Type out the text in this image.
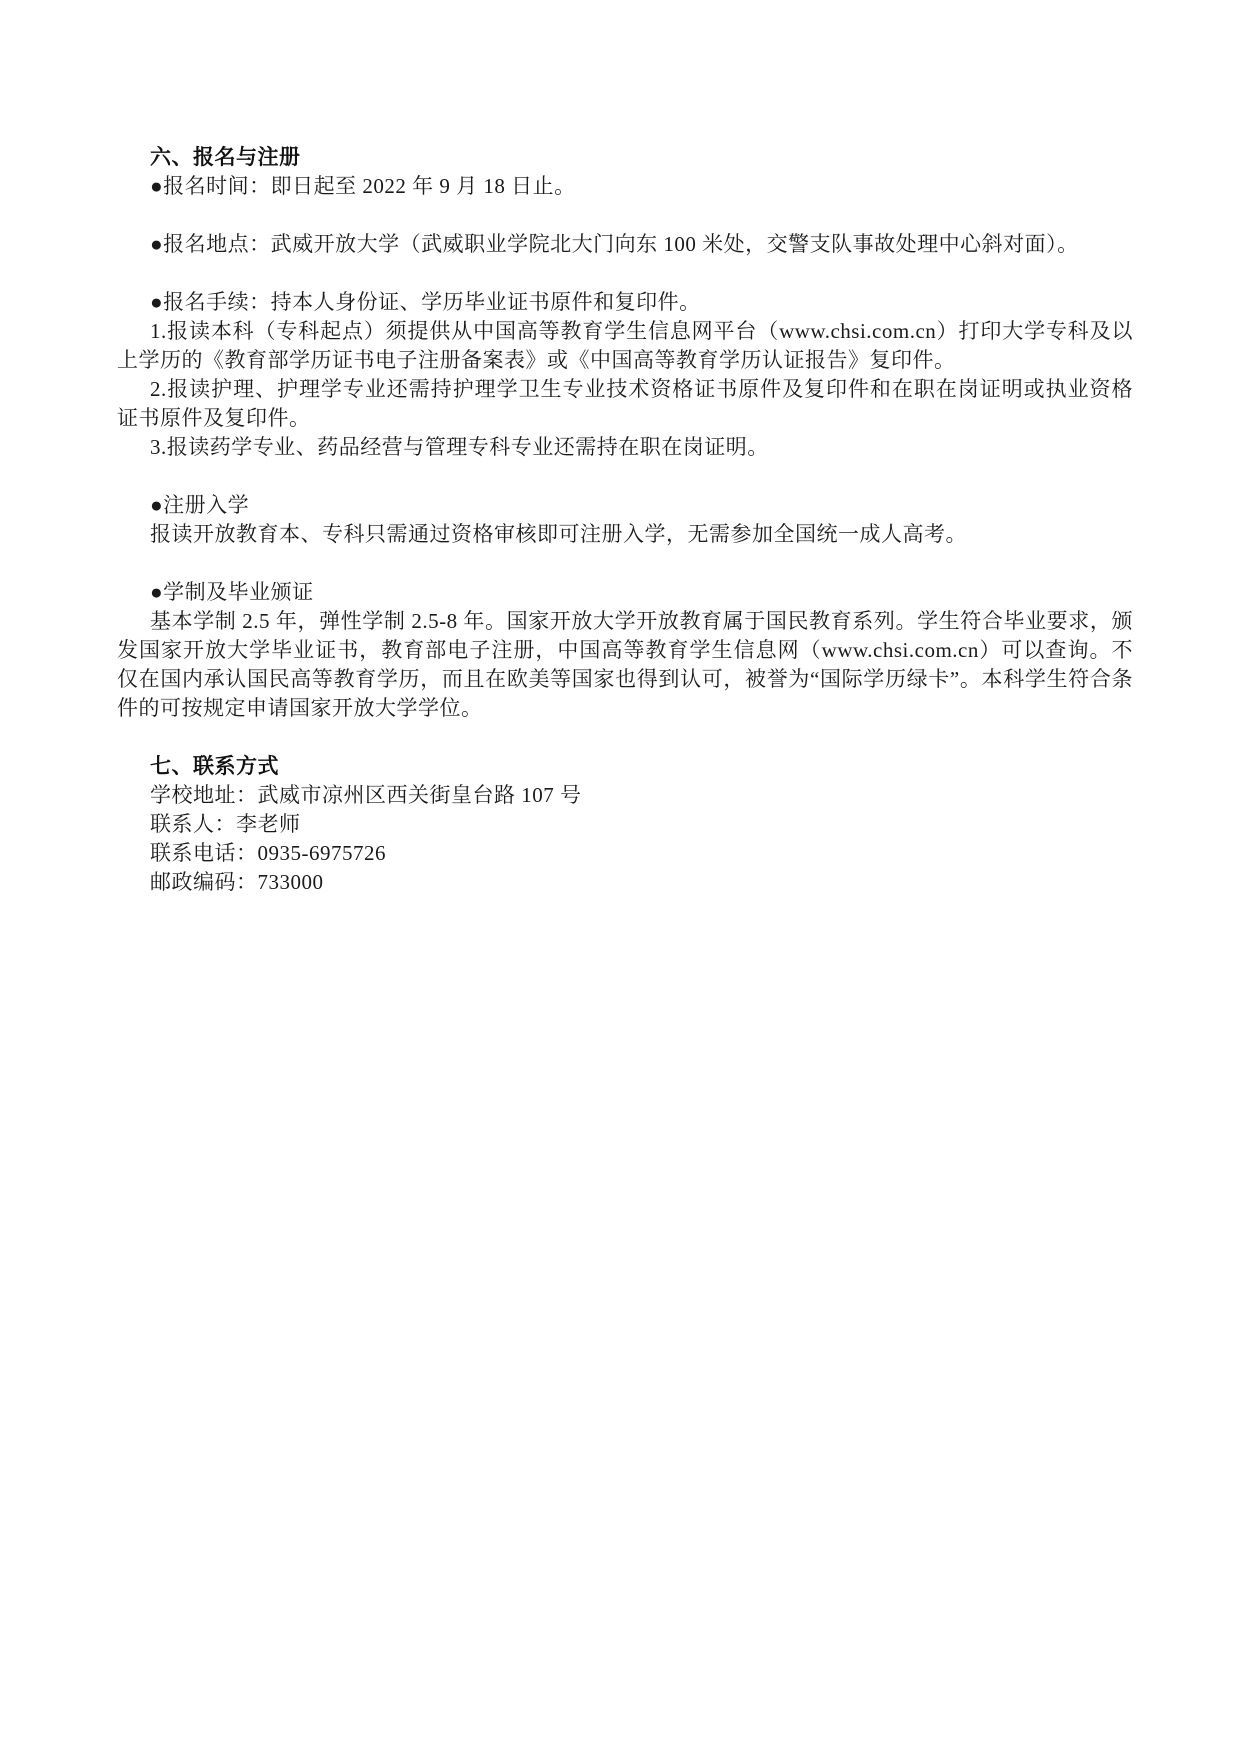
六、报名与注册

●报名时间：即日起至 2022 年 9 月 18 日止。

●报名地点：武威开放大学（武威职业学院北大门向东 100 米处，交警支队事故处理中心斜对面）。

●报名手续：持本人身份证、学历毕业证书原件和复印件。

1.报读本科（专科起点）须提供从中国高等教育学生信息网平台（www.chsi.com.cn）打印大学专科及以上学历的《教育部学历证书电子注册备案表》或《中国高等教育学历认证报告》复印件。

2.报读护理、护理学专业还需持护理学卫生专业技术资格证书原件及复印件和在职在岗证明或执业资格证书原件及复印件。

3.报读药学专业、药品经营与管理专科专业还需持在职在岗证明。

●注册入学

报读开放教育本、专科只需通过资格审核即可注册入学，无需参加全国统一成人高考。

●学制及毕业颁证

基本学制 2.5 年，弹性学制 2.5-8 年。国家开放大学开放教育属于国民教育系列。学生符合毕业要求，颁发国家开放大学毕业证书，教育部电子注册，中国高等教育学生信息网（www.chsi.com.cn）可以查询。不仅在国内承认国民高等教育学历，而且在欧美等国家也得到认可，被誉为“国际学历绿卡”。本科学生符合条件的可按规定申请国家开放大学学位。

七、联系方式

学校地址：武威市凉州区西关街皇台路 107 号

联系人：李老师

联系电话：0935-6975726

邮政编码：733000
